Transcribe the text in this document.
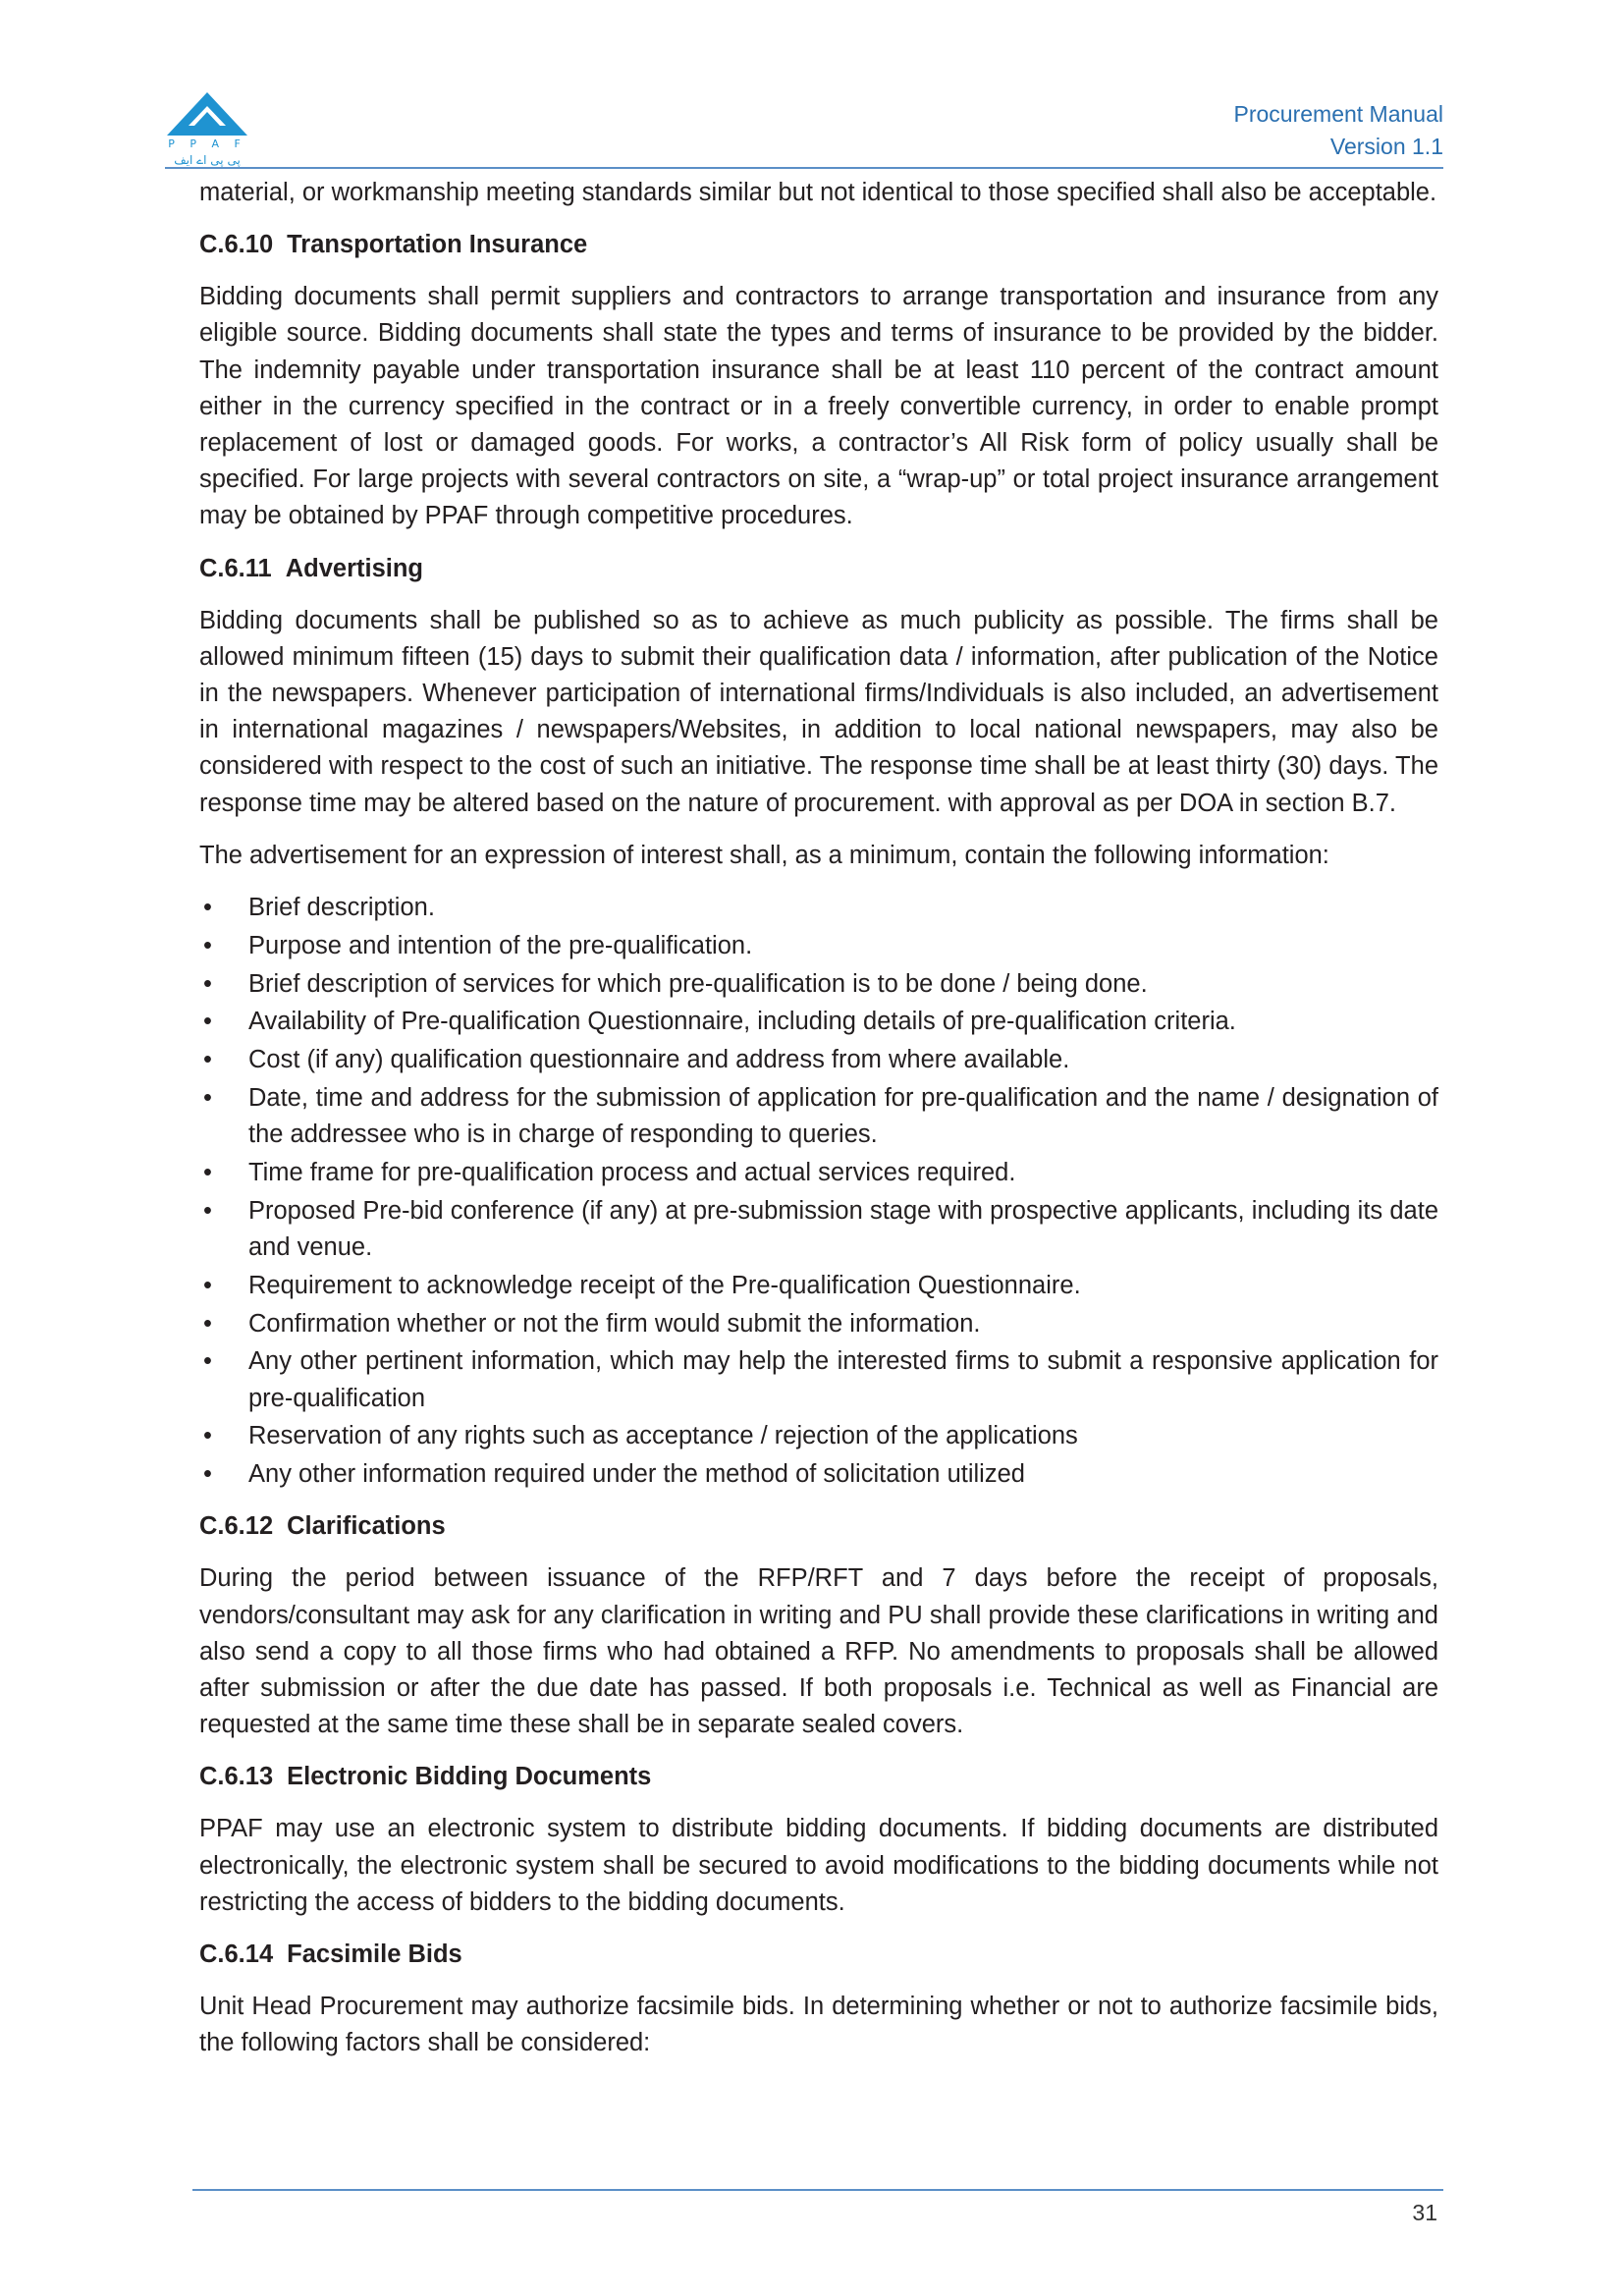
P P A F
پی پی اے ایف
Procurement Manual
Version 1.1

material, or workmanship meeting standards similar but not identical to those specified shall also be acceptable.

C.6.10 Transportation Insurance

Bidding documents shall permit suppliers and contractors to arrange transportation and insurance from any eligible source. Bidding documents shall state the types and terms of insurance to be provided by the bidder. The indemnity payable under transportation insurance shall be at least 110 percent of the contract amount either in the currency specified in the contract or in a freely convertible currency, in order to enable prompt replacement of lost or damaged goods. For works, a contractor’s All Risk form of policy usually shall be specified. For large projects with several contractors on site, a “wrap-up” or total project insurance arrangement may be obtained by PPAF through competitive procedures.

C.6.11 Advertising

Bidding documents shall be published so as to achieve as much publicity as possible. The firms shall be allowed minimum fifteen (15) days to submit their qualification data / information, after publication of the Notice in the newspapers. Whenever participation of international firms/Individuals is also included, an advertisement in international magazines / newspapers/Websites, in addition to local national newspapers, may also be considered with respect to the cost of such an initiative. The response time shall be at least thirty (30) days. The response time may be altered based on the nature of procurement. with approval as per DOA in section B.7.

The advertisement for an expression of interest shall, as a minimum, contain the following information:

• Brief description.
• Purpose and intention of the pre-qualification.
• Brief description of services for which pre-qualification is to be done / being done.
• Availability of Pre-qualification Questionnaire, including details of pre-qualification criteria.
• Cost (if any) qualification questionnaire and address from where available.
• Date, time and address for the submission of application for pre-qualification and the name / designation of the addressee who is in charge of responding to queries.
• Time frame for pre-qualification process and actual services required.
• Proposed Pre-bid conference (if any) at pre-submission stage with prospective applicants, including its date and venue.
• Requirement to acknowledge receipt of the Pre-qualification Questionnaire.
• Confirmation whether or not the firm would submit the information.
• Any other pertinent information, which may help the interested firms to submit a responsive application for pre-qualification
• Reservation of any rights such as acceptance / rejection of the applications
• Any other information required under the method of solicitation utilized
C.6.12 Clarifications

During the period between issuance of the RFP/RFT and 7 days before the receipt of proposals, vendors/consultant may ask for any clarification in writing and PU shall provide these clarifications in writing and also send a copy to all those firms who had obtained a RFP. No amendments to proposals shall be allowed after submission or after the due date has passed. If both proposals i.e. Technical as well as Financial are requested at the same time these shall be in separate sealed covers.

C.6.13 Electronic Bidding Documents

PPAF may use an electronic system to distribute bidding documents. If bidding documents are distributed electronically, the electronic system shall be secured to avoid modifications to the bidding documents while not restricting the access of bidders to the bidding documents.

C.6.14 Facsimile Bids

Unit Head Procurement may authorize facsimile bids. In determining whether or not to authorize facsimile bids, the following factors shall be considered:

31
